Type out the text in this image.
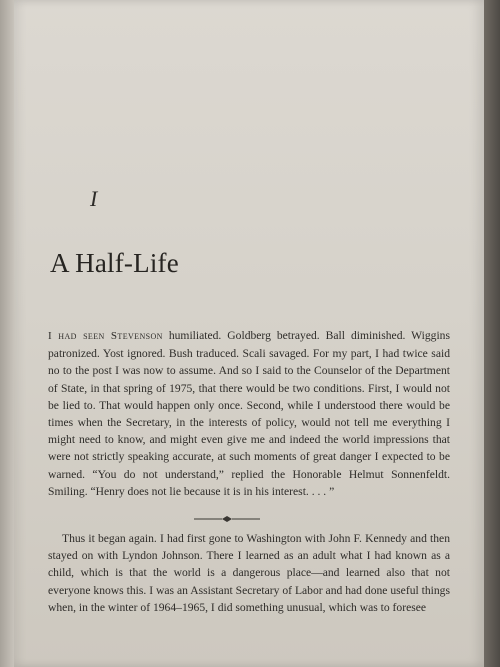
I
A Half-Life

I had seen Stevenson humiliated. Goldberg betrayed. Ball diminished. Wiggins patronized. Yost ignored. Bush traduced. Scali savaged. For my part, I had twice said no to the post I was now to assume. And so I said to the Counselor of the Department of State, in that spring of 1975, that there would be two conditions. First, I would not be lied to. That would happen only once. Second, while I understood there would be times when the Secretary, in the interests of policy, would not tell me everything I might need to know, and might even give me and indeed the world impressions that were not strictly speaking accurate, at such moments of great danger I expected to be warned. “You do not understand,” replied the Honorable Helmut Sonnenfeldt. Smiling. “Henry does not lie because it is in his interest. . . . ”

Thus it began again. I had first gone to Washington with John F. Kennedy and then stayed on with Lyndon Johnson. There I learned as an adult what I had known as a child, which is that the world is a dangerous place—and learned also that not everyone knows this. I was an Assistant Secretary of Labor and had done useful things when, in the winter of 1964–1965, I did something unusual, which was to foresee
